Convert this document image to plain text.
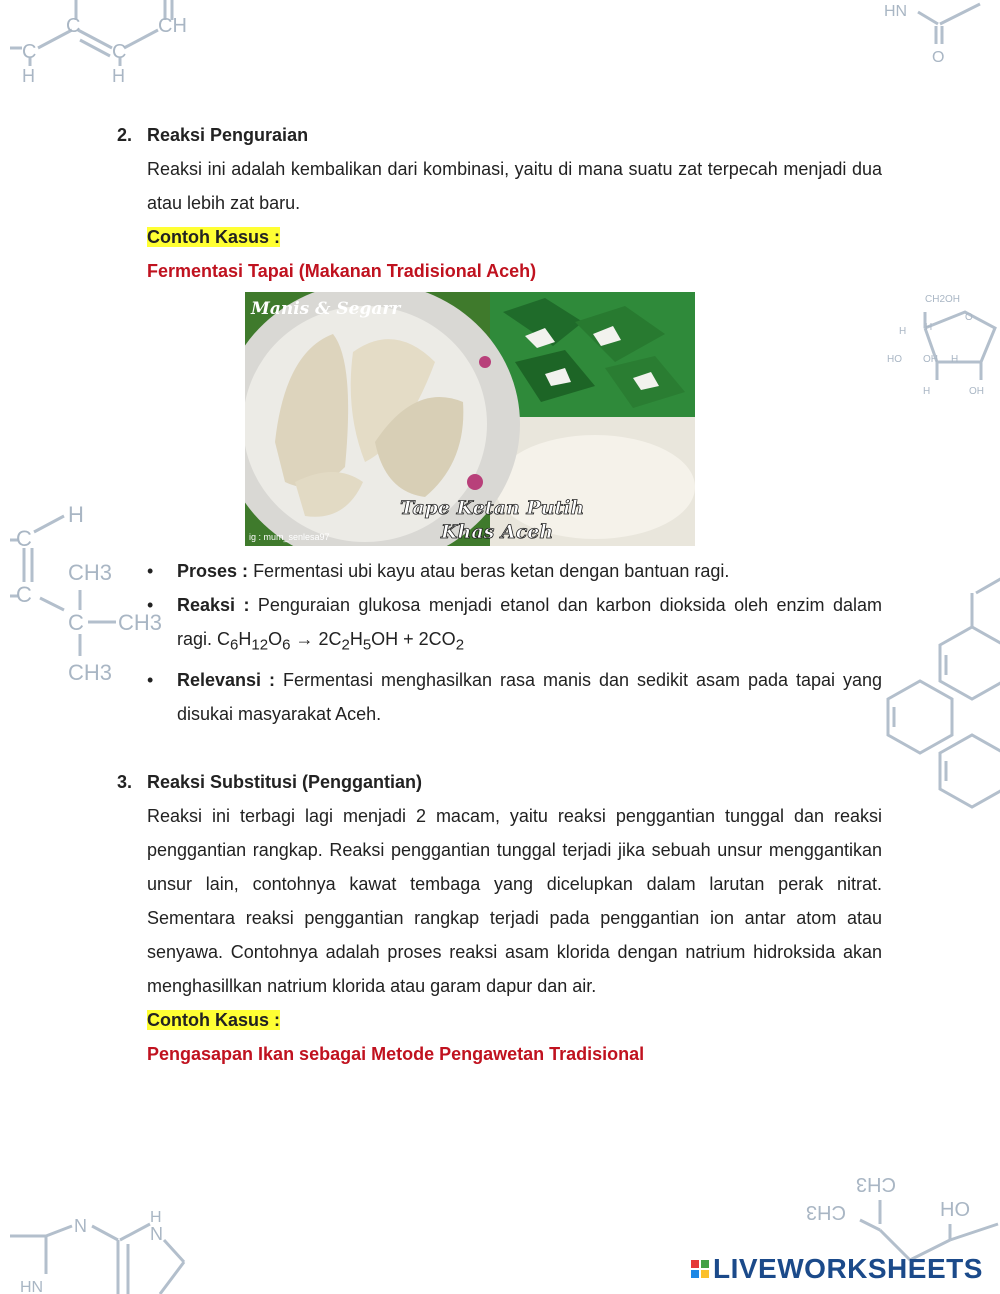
C	CH
C	C
H	H
HN
O
CH2OH
H H
O
HO OH
H
H
OH
H
C
C
CH3
C CH3
CH3
N	N
H
HN
CH3
CH3	HO
2. Reaksi Penguraian
Reaksi ini adalah kembalikan dari kombinasi, yaitu di mana suatu zat terpecah menjadi dua atau lebih zat baru.
Contoh Kasus :
Fermentasi Tapai (Makanan Tradisional Aceh)
Manis & Segarr
Tape Ketan Putih
Khas Aceh
ig : mum_senlesa97
• Proses : Fermentasi ubi kayu atau beras ketan dengan bantuan ragi.
• Reaksi : Penguraian glukosa menjadi etanol dan karbon dioksida oleh enzim dalam ragi. $C_6H_{12}O_6 \to 2C_2H_5OH + 2CO_2$
• Relevansi : Fermentasi menghasilkan rasa manis dan sedikit asam pada tapai yang disukai masyarakat Aceh.
3. Reaksi Substitusi (Penggantian)
Reaksi ini terbagi lagi menjadi 2 macam, yaitu reaksi penggantian tunggal dan reaksi penggantian rangkap. Reaksi penggantian tunggal terjadi jika sebuah unsur menggantikan unsur lain, contohnya kawat tembaga yang dicelupkan dalam larutan perak nitrat. Sementara reaksi penggantian rangkap terjadi pada penggantian ion antar atom atau senyawa. Contohnya adalah proses reaksi asam klorida dengan natrium hidroksida akan menghasillkan natrium klorida atau garam dapur dan air.
Contoh Kasus :
Pengasapan Ikan sebagai Metode Pengawetan Tradisional
LIVEWORKSHEETS
